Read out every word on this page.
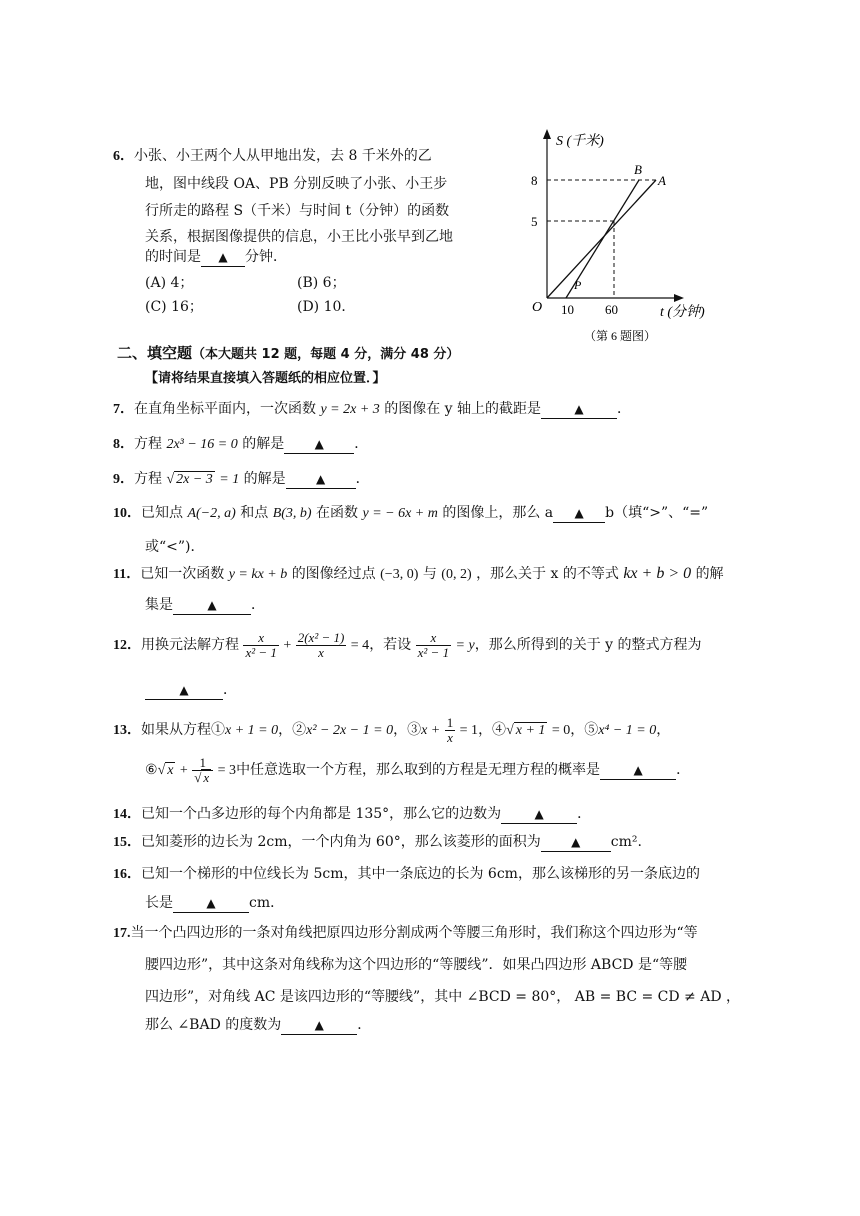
6．小张、小王两个人从甲地出发，去 8 千米外的乙
地，图中线段 OA、PB 分别反映了小张、小王步
行所走的路程 S（千米）与时间 t（分钟）的函数
关系，根据图像提供的信息，小王比小张早到乙地
的时间是 ▲ 分钟．
(A) 4；	(B) 6；
(C) 16；	(D) 10．
S (千米)
8
5
O 10 60	t (分钟)
B
A
P
（第 6 题图）
二、填空题（本大题共 12 题，每题 4 分，满分 48 分）
【请将结果直接填入答题纸的相应位置．】
7．在直角坐标平面内，一次函数 y = 2x + 3 的图像在 y 轴上的截距是	▲ ．
8．方程 2x³ − 16 = 0 的解是	▲ ．
9．方程 √ 2x − 3 = 1 的解是	▲ ．
10．已知点 A(−2, a) 和点 B(3, b) 在函数 y = − 6x + m 的图像上，那么 a ▲ b（填“>”、“=”
或“<”)．
11．已知一次函数 y = kx + b 的图像经过点 (−3, 0) 与 (0, 2) ，那么关于 x 的不等式 kx + b > 0 的解
集是	▲ ．
12．用换元法解方程 $\frac{x}{\text{x² − 1}} + \frac{\text{2(x² − 1)}}{x} = 4$，若设 $\frac{x}{\text{x² − 1}} = y$，那么所得到的关于 y 的整式方程为
▲ ．
13．如果从方程①x + 1 = 0，②x² − 2x − 1 = 0，③x + $\frac{1}{x} = 1$，④√ x + 1 = 0，⑤x⁴ − 1 = 0，
⑥√ $x + \frac{1}{√ x} = 3$中任意选取一个方程，那么取到的方程是无理方程的概率是	▲ ．
14．已知一个凸多边形的每个内角都是 135°，那么它的边数为	▲ ．
15．已知菱形的边长为 2cm，一个内角为 60°，那么该菱形的面积为	▲ cm².
16．已知一个梯形的中位线长为 5cm，其中一条底边的长为 6cm，那么该梯形的另一条底边的
长是	▲ cm．
17.当一个凸四边形的一条对角线把原四边形分割成两个等腰三角形时，我们称这个四边形为“等
腰四边形”，其中这条对角线称为这个四边形的“等腰线”．如果凸四边形 ABCD 是“等腰
四边形”，对角线 AC 是该四边形的“等腰线”，其中 ∠BCD = 80°， AB = BC = CD ≠ AD ，
那么 ∠BAD 的度数为	▲ ．
